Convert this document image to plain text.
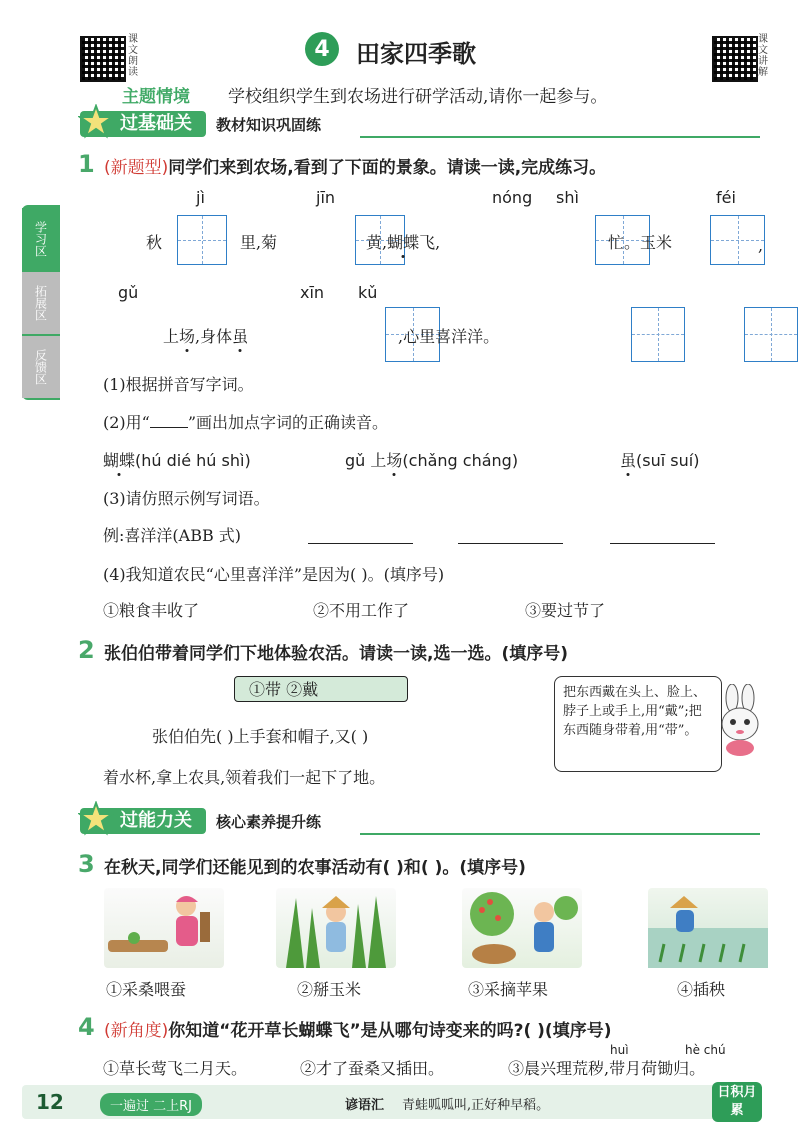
课文朗读
4	田家四季歌
课文讲解
主题情境 学校组织学生到农场进行研学活动,请你一起参与。
过基础关	教材知识巩固练
学习区
拓展区
反馈区
1 (新题型)同学们来到农场,看到了下面的景象。请读一读,完成练习。
jì	jīn	nóng shì	féi
秋
	里,菊
	黄,蝴蝶飞,
	忙。玉米
	,
gǔ	xīn kǔ

上场,身体虽
	,心里喜洋洋。
(1)根据拼音写字词。
(2)用“ ”画出加点字词的正确读音。
蝴蝶(hú dié hú shì)	gǔ 上场(chǎng cháng)	虽(suī suí)
(3)请仿照示例写词语。
例:喜洋洋(ABB 式)
(4)我知道农民“心里喜洋洋”是因为( )。(填序号)
①粮食丰收了	②不用工作了	③要过节了
2 张伯伯带着同学们下地体验农活。请读一读,选一选。(填序号)
①带 ②戴
张伯伯先( )上手套和帽子,又( )
着水杯,拿上农具,领着我们一起下了地。
把东西戴在头上、脸上、脖子上或手上,用“戴”;把东西随身带着,用“带”。
过能力关	核心素养提升练
3 在秋天,同学们还能见到的农事活动有( )和( )。(填序号)
①采桑喂蚕	②掰玉米	③采摘苹果	④插秧
4 (新角度)你知道“花开草长蝴蝶飞”是从哪句诗变来的吗?( )(填序号)
huì	hè chú
①草长莺飞二月天。	②才了蚕桑又插田。	③晨兴理荒秽,带月荷锄归。
12	一遍过 二上RJ	谚语汇 青蛙呱呱叫,正好种早稻。
日积月累
